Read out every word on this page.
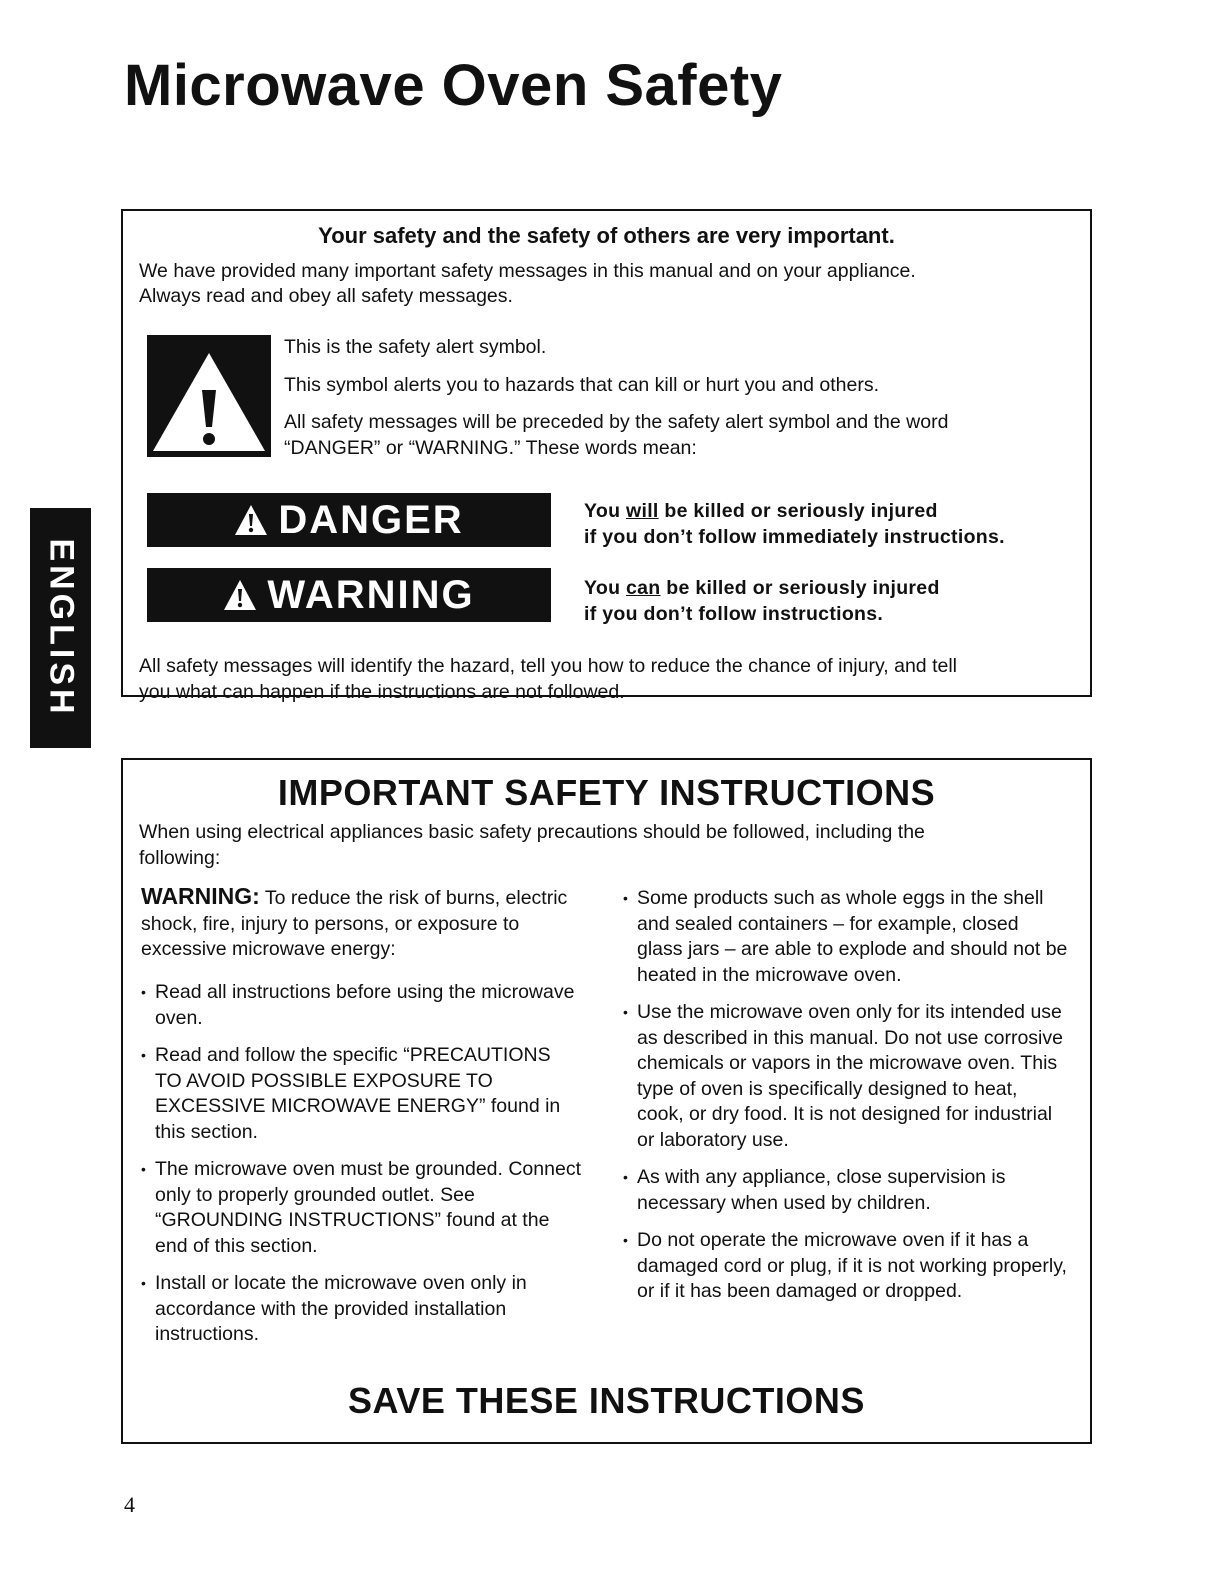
Microwave Oven Safety
ENGLISH
Your safety and the safety of others are very important.

We have provided many important safety messages in this manual and on your appliance.

Always read and obey all safety messages.

This is the safety alert symbol.

This symbol alerts you to hazards that can kill or hurt you and others.

All safety messages will be preceded by the safety alert symbol and the word

“DANGER” or “WARNING.” These words mean:

DANGER	You will be killed or seriously injured
if you don’t follow immediately instructions.

WARNING	You can be killed or seriously injured
if you don’t follow instructions.

All safety messages will identify the hazard, tell you how to reduce the chance of injury, and tell

you what can happen if the instructions are not followed.

IMPORTANT SAFETY INSTRUCTIONS

When using electrical appliances basic safety precautions should be followed, including the

following:

WARNING: To reduce the risk of burns, electric shock, fire, injury to persons, or exposure to excessive microwave energy:

• Read all instructions before using the microwave oven.
• Read and follow the specific “PRECAUTIONS TO AVOID POSSIBLE EXPOSURE TO EXCESSIVE MICROWAVE ENERGY” found in this section.
• The microwave oven must be grounded. Connect only to properly grounded outlet. See “GROUNDING INSTRUCTIONS” found at the end of this section.
• Install or locate the microwave oven only in accordance with the provided installation instructions.
• Some products such as whole eggs in the shell and sealed containers – for example, closed glass jars – are able to explode and should not be heated in the microwave oven.
• Use the microwave oven only for its intended use as described in this manual. Do not use corrosive chemicals or vapors in the microwave oven. This type of oven is specifically designed to heat, cook, or dry food. It is not designed for industrial or laboratory use.
• As with any appliance, close supervision is necessary when used by children.
• Do not operate the microwave oven if it has a damaged cord or plug, if it is not working properly, or if it has been damaged or dropped.
SAVE THESE INSTRUCTIONS
4
